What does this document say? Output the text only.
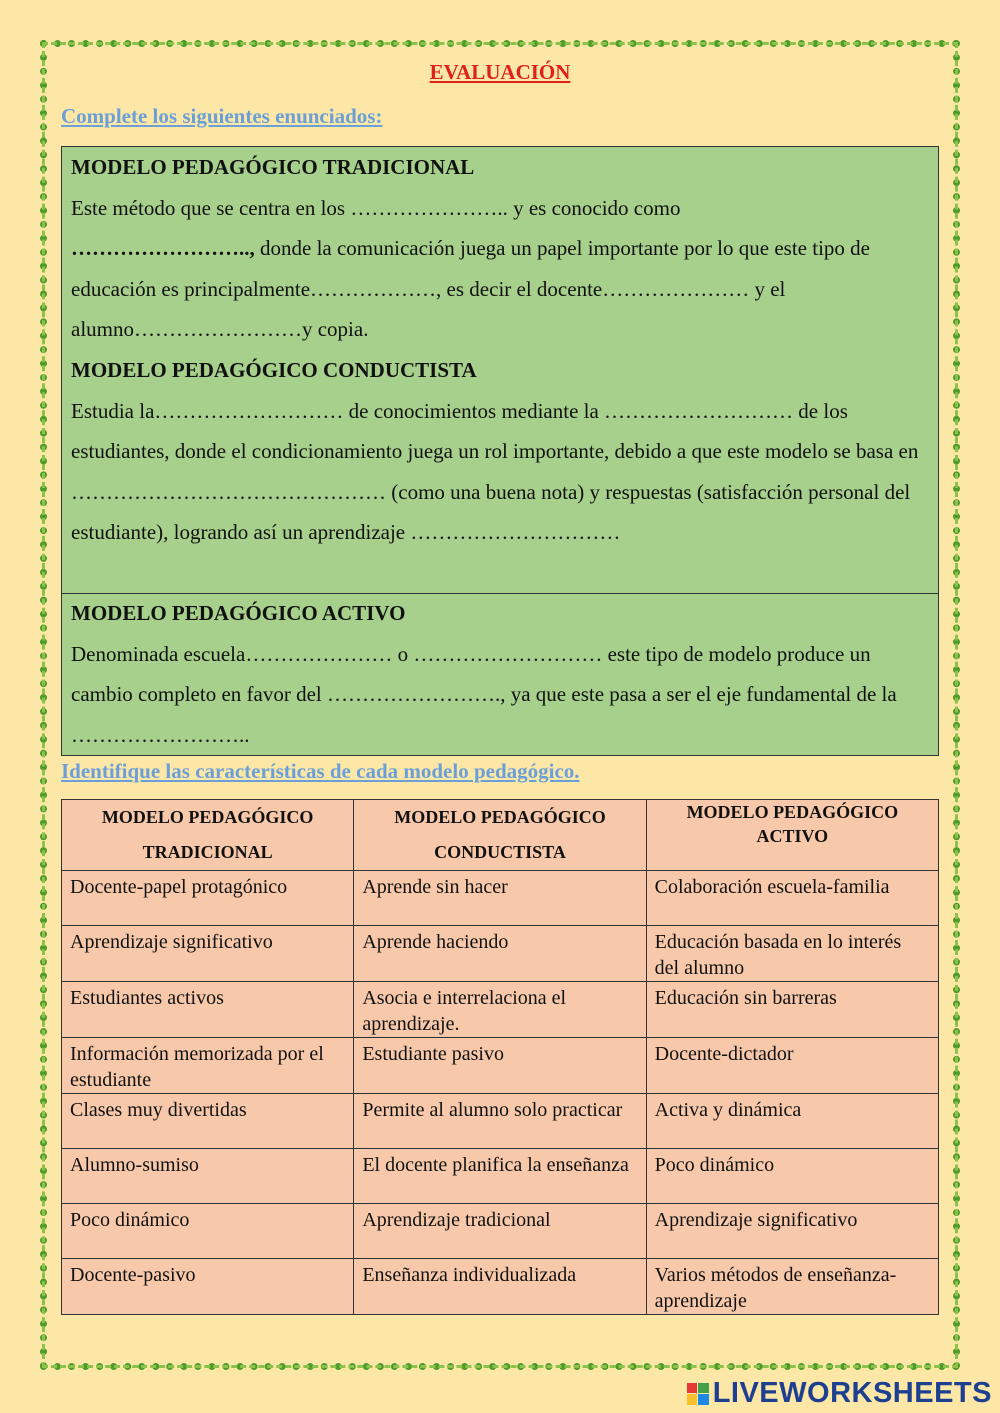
EVALUACIÓN
Complete los siguientes enunciados:
MODELO PEDAGÓGICO TRADICIONAL

Este método que se centra en los ………………….. y es conocido como
…………………….., donde la comunicación juega un papel importante por lo que este tipo de educación es principalmente………………, es decir el docente………………… y el alumno……………………y copia.

MODELO PEDAGÓGICO CONDUCTISTA

Estudia la……………………… de conocimientos mediante la ……………………… de los estudiantes, donde el condicionamiento juega un rol importante, debido a que este modelo se basa en ……………………………………… (como una buena nota) y respuestas (satisfacción personal del estudiante), logrando así un aprendizaje …………………………

MODELO PEDAGÓGICO ACTIVO

Denominada escuela………………… o ……………………… este tipo de modelo produce un cambio completo en favor del ……………………., ya que este pasa a ser el eje fundamental de la ……………………..

Identifique las características de cada modelo pedagógico.
MODELO PEDAGÓGICO TRADICIONAL	MODELO PEDAGÓGICO CONDUCTISTA	MODELO PEDAGÓGICO ACTIVO
Docente-papel protagónico	Aprende sin hacer	Colaboración escuela-familia
Aprendizaje significativo	Aprende haciendo	Educación basada en lo interés del alumno
Estudiantes activos	Asocia e interrelaciona el aprendizaje.	Educación sin barreras
Información memorizada por el estudiante	Estudiante pasivo	Docente-dictador
Clases muy divertidas	Permite al alumno solo practicar	Activa y dinámica
Alumno-sumiso	El docente planifica la enseñanza	Poco dinámico
Poco dinámico	Aprendizaje tradicional	Aprendizaje significativo
Docente-pasivo	Enseñanza individualizada	Varios métodos de enseñanza-aprendizaje
LIVEWORKSHEETS
